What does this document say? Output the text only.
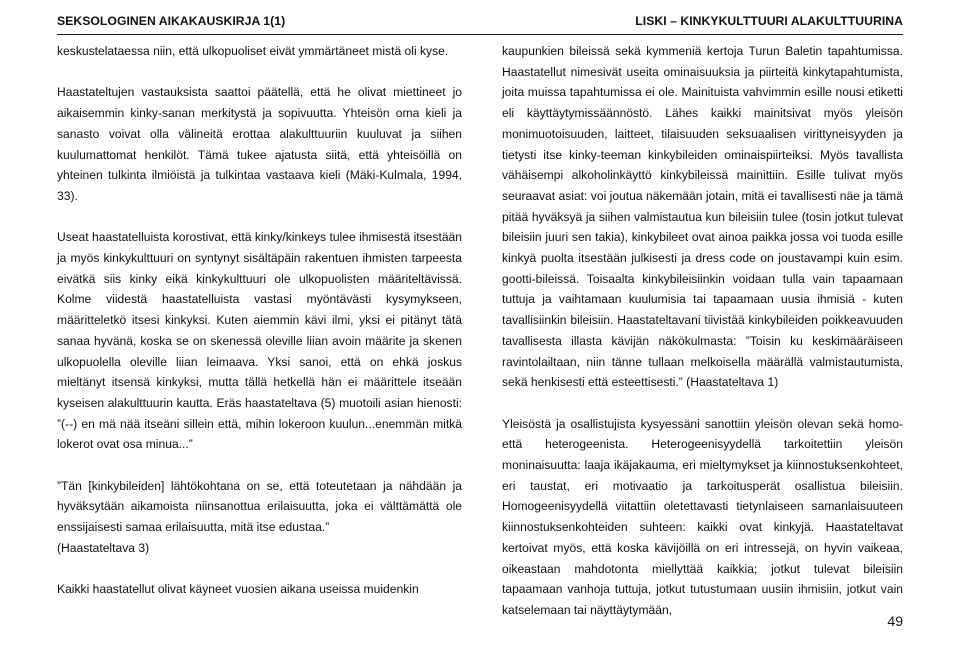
SEKSOLOGINEN AIKAKAUSKIRJA 1(1)	LISKI – KINKYKULTTUURI ALAKULTTUURINA

keskustelataessa niin, että ulkopuoliset eivät ymmärtäneet mistä oli kyse.

Haastateltujen vastauksista saattoi päätellä, että he olivat miettineet jo aikaisemmin kinky-sanan merkitystä ja sopivuutta. Yhteisön oma kieli ja sanasto voivat olla välineitä erottaa alakulttuuriin kuuluvat ja siihen kuulumattomat henkilöt. Tämä tukee ajatusta siitä, että yhteisöillä on yhteinen tulkinta ilmiöistä ja tulkintaa vastaava kieli (Mäki-Kulmala, 1994, 33).

Useat haastatelluista korostivat, että kinky/kinkeys tulee ihmisestä itsestään ja myös kinkykulttuuri on syntynyt sisältäpäin rakentuen ihmisten tarpeesta eivätkä siis kinky eikä kinkykulttuuri ole ulkopuolisten määriteltävissä. Kolme viidestä haastatelluista vastasi myöntävästi kysymykseen, määritteletkö itsesi kinkyksi. Kuten aiemmin kävi ilmi, yksi ei pitänyt tätä sanaa hyvänä, koska se on skenessä oleville liian avoin määrite ja skenen ulkopuolella oleville liian leimaava. Yksi sanoi, että on ehkä joskus mieltänyt itsensä kinkyksi, mutta tällä hetkellä hän ei määrittele itseään kyseisen alakulttuurin kautta. Eräs haastateltava (5) muotoili asian hienosti: ”(--) en mä nää itseäni sillein että, mihin lokeroon kuulun...enemmän mitkä lokerot ovat osa minua...”

”Tän [kinkybileiden] lähtökohtana on se, että toteutetaan ja nähdään ja hyväksytään aikamoista niinsanottua erilaisuutta, joka ei välttämättä ole enssijaisesti samaa erilaisuutta, mitä itse edustaa.”

(Haastateltava 3)

Kaikki haastatellut olivat käyneet vuosien aikana useissa muidenkin

kaupunkien bileissä sekä kymmeniä kertoja Turun Baletin tapahtumissa. Haastatellut nimesivät useita ominaisuuksia ja piirteitä kinkytapahtumista, joita muissa tapahtumissa ei ole. Mainituista vahvimmin esille nousi etiketti eli käyttäytymissäännöstö. Lähes kaikki mainitsivat myös yleisön monimuotoisuuden, laitteet, tilaisuuden seksuaalisen virittyneisyyden ja tietysti itse kinky-teeman kinkybileiden ominaispiirteiksi. Myös tavallista vähäisempi alkoholinkäyttö kinkybileissä mainittiin. Esille tulivat myös seuraavat asiat: voi joutua näkemään jotain, mitä ei tavallisesti näe ja tämä pitää hyväksyä ja siihen valmistautua kun bileisiin tulee (tosin jotkut tulevat bileisiin juuri sen takia), kinkybileet ovat ainoa paikka jossa voi tuoda esille kinkyä puolta itsestään julkisesti ja dress code on joustavampi kuin esim. gootti-bileissä. Toisaalta kinkybileisiinkin voidaan tulla vain tapaamaan tuttuja ja vaihtamaan kuulumisia tai tapaamaan uusia ihmisiä - kuten tavallisiinkin bileisiin. Haastateltavani tiivistää kinkybileiden poikkeavuuden tavallisesta illasta kävijän näkökulmasta: ”Toisin ku keskimääräiseen ravintolailtaan, niin tänne tullaan melkoisella määrällä valmistautumista, sekä henkisesti että esteettisesti.” (Haastateltava 1)

Yleisöstä ja osallistujista kysyessäni sanottiin yleisön olevan sekä homo-että heterogeenista. Heterogeenisyydellä tarkoitettiin yleisön moninaisuutta: laaja ikäjakauma, eri mieltymykset ja kiinnostuksenkohteet, eri taustat, eri motivaatio ja tarkoitusperät osallistua bileisiin. Homogeenisyydellä viitattiin oletettavasti tietynlaiseen samanlaisuuteen kiinnostuksenkohteiden suhteen: kaikki ovat kinkyjä. Haastateltavat kertoivat myös, että koska kävijöillä on eri intressejä, on hyvin vaikeaa, oikeastaan mahdotonta miellyttää kaikkia; jotkut tulevat bileisiin tapaamaan vanhoja tuttuja, jotkut tutustumaan uusiin ihmisiin, jotkut vain katselemaan tai näyttäytymään,

49
